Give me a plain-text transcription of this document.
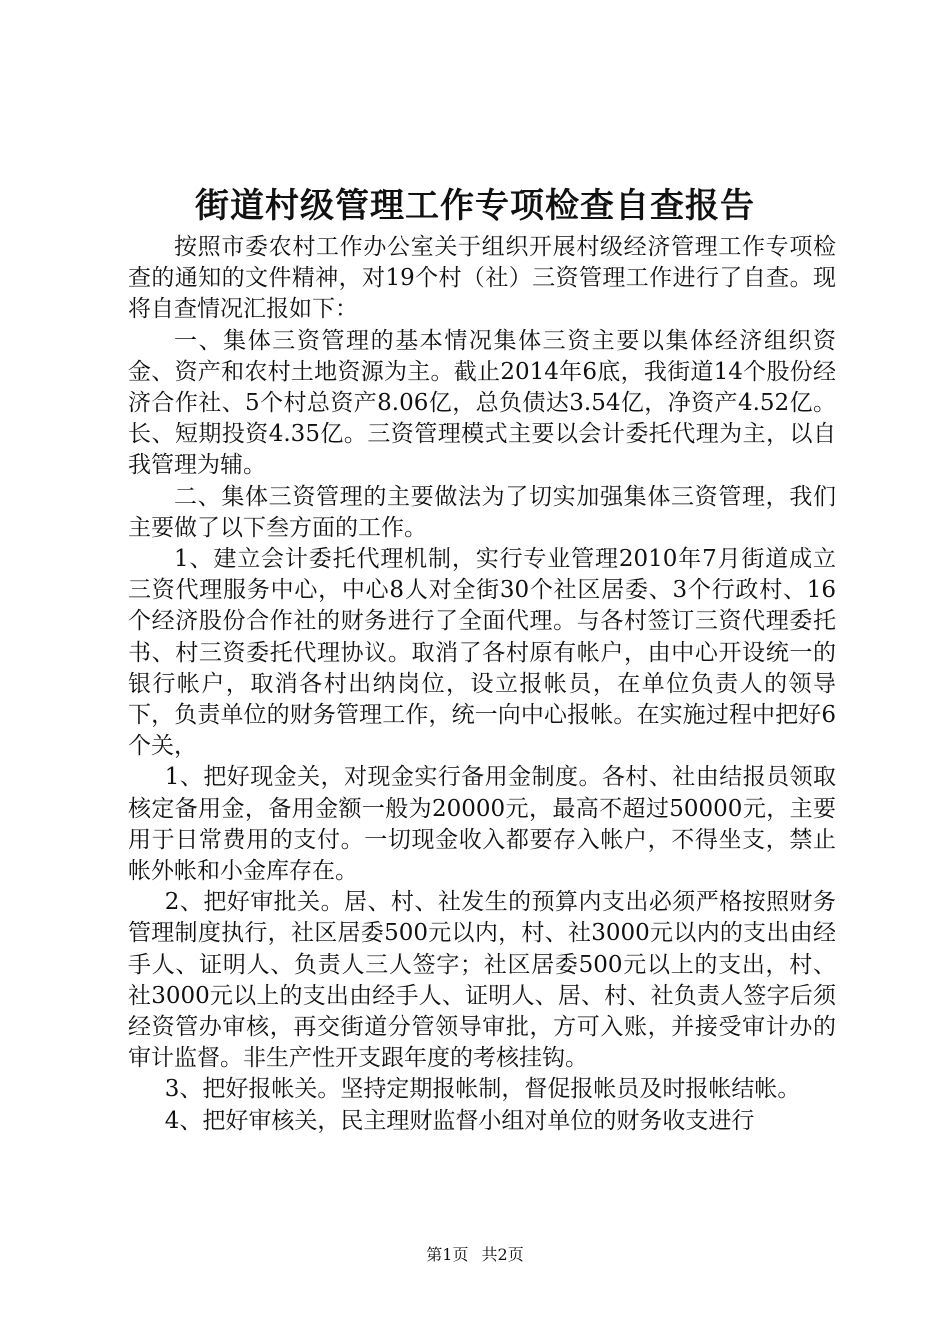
街道村级管理工作专项检查自查报告

按照市委农村工作办公室关于组织开展村级经济管理工作专项检查的通知的文件精神，对19个村（社）三资管理工作进行了自查。现将自查情况汇报如下：

一、集体三资管理的基本情况集体三资主要以集体经济组织资金、资产和农村土地资源为主。截止2014年6底，我街道14个股份经济合作社、5个村总资产8.06亿，总负债达3.54亿，净资产4.52亿。长、短期投资4.35亿。三资管理模式主要以会计委托代理为主，以自我管理为辅。

二、集体三资管理的主要做法为了切实加强集体三资管理，我们主要做了以下叁方面的工作。

1、建立会计委托代理机制，实行专业管理2010年7月街道成立三资代理服务中心，中心8人对全街30个社区居委、3个行政村、16个经济股份合作社的财务进行了全面代理。与各村签订三资代理委托书、村三资委托代理协议。取消了各村原有帐户，由中心开设统一的银行帐户，取消各村出纳岗位，设立报帐员，在单位负责人的领导下，负责单位的财务管理工作，统一向中心报帐。在实施过程中把好6个关，

1、把好现金关，对现金实行备用金制度。各村、社由结报员领取核定备用金，备用金额一般为20000元，最高不超过50000元，主要用于日常费用的支付。一切现金收入都要存入帐户，不得坐支，禁止帐外帐和小金库存在。

2、把好审批关。居、村、社发生的预算内支出必须严格按照财务管理制度执行，社区居委500元以内，村、社3000元以内的支出由经手人、证明人、负责人三人签字；社区居委500元以上的支出，村、社3000元以上的支出由经手人、证明人、居、村、社负责人签字后须经资管办审核，再交街道分管领导审批，方可入账，并接受审计办的审计监督。非生产性开支跟年度的考核挂钩。

3、把好报帐关。坚持定期报帐制，督促报帐员及时报帐结帐。

4、把好审核关，民主理财监督小组对单位的财务收支进行

第1页 共2页
